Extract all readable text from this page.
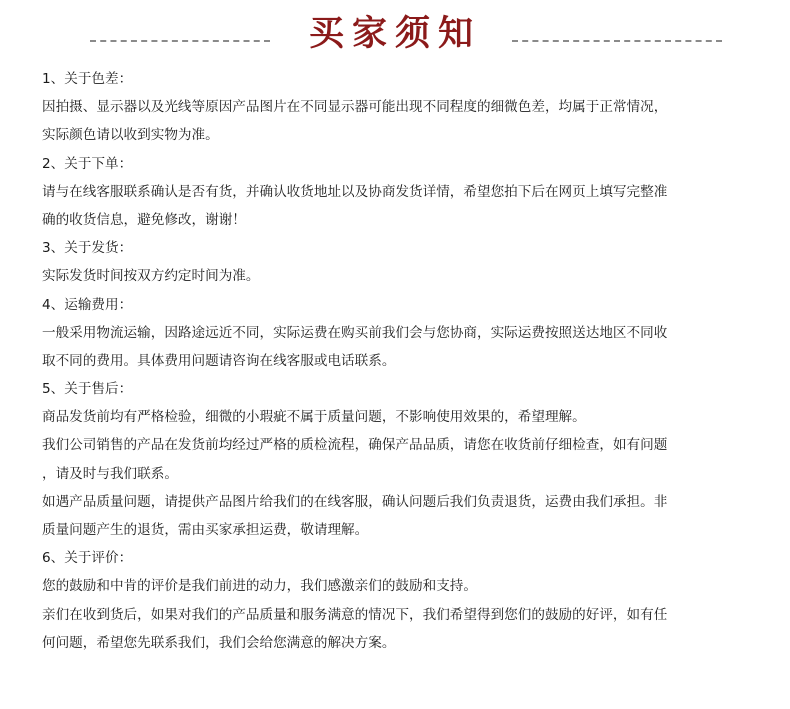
买家须知
1、关于色差：
因拍摄、显示器以及光线等原因产品图片在不同显示器可能出现不同程度的细微色差，均属于正常情况，
实际颜色请以收到实物为准。
2、关于下单：
请与在线客服联系确认是否有货，并确认收货地址以及协商发货详情，希望您拍下后在网页上填写完整准
确的收货信息，避免修改，谢谢！
3、关于发货：
实际发货时间按双方约定时间为准。
4、运输费用：
一般采用物流运输，因路途远近不同，实际运费在购买前我们会与您协商，实际运费按照送达地区不同收
取不同的费用。具体费用问题请咨询在线客服或电话联系。
5、关于售后：
商品发货前均有严格检验，细微的小瑕疵不属于质量问题，不影响使用效果的，希望理解。
我们公司销售的产品在发货前均经过严格的质检流程，确保产品品质，请您在收货前仔细检查，如有问题
，请及时与我们联系。
如遇产品质量问题，请提供产品图片给我们的在线客服，确认问题后我们负责退货，运费由我们承担。非
质量问题产生的退货，需由买家承担运费，敬请理解。
6、关于评价：
您的鼓励和中肯的评价是我们前进的动力，我们感激亲们的鼓励和支持。
亲们在收到货后，如果对我们的产品质量和服务满意的情况下，我们希望得到您们的鼓励的好评，如有任
何问题，希望您先联系我们，我们会给您满意的解决方案。
